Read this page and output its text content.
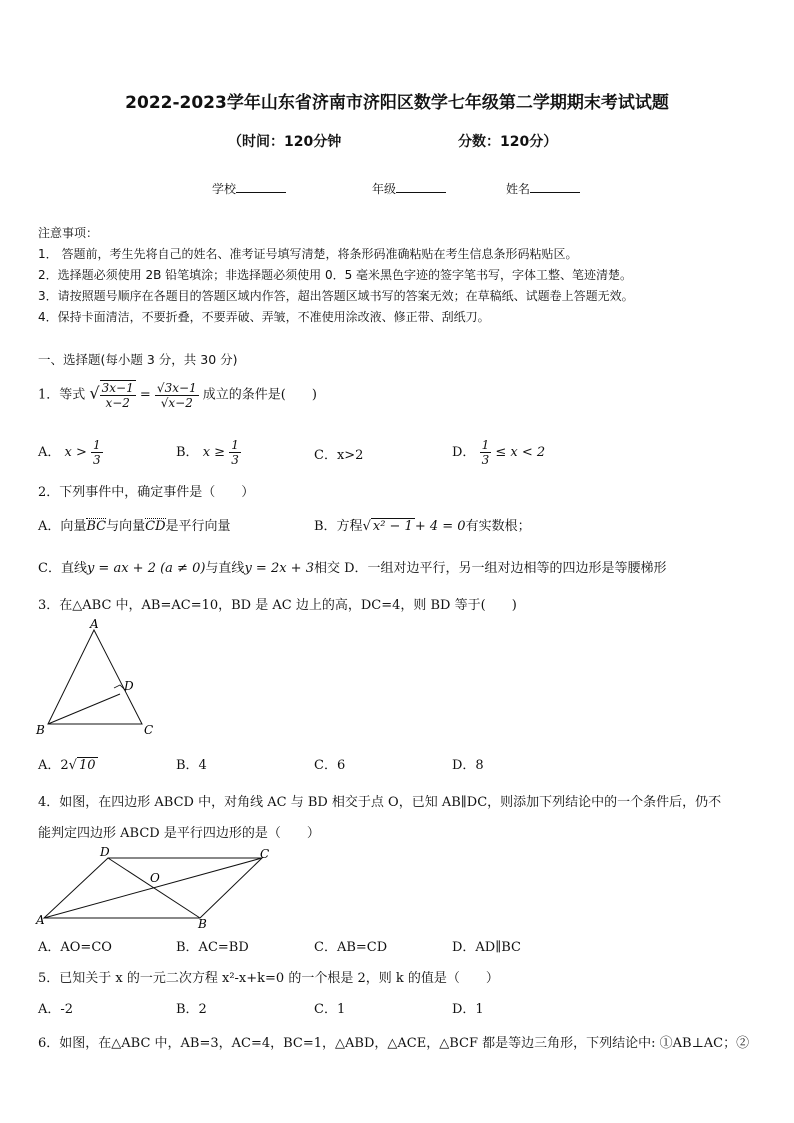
2022-2023学年山东省济南市济阳区数学七年级第二学期期末考试试题
（时间：120分钟	分数：120分）
学校	年级	姓名
注意事项：
1． 答题前，考生先将自己的姓名、准考证号填写清楚，将条形码准确粘贴在考生信息条形码粘贴区。
2．选择题必须使用 2B 铅笔填涂；非选择题必须使用 0．5 毫米黑色字迹的签字笔书写，字体工整、笔迹清楚。
3．请按照题号顺序在各题目的答题区域内作答，超出答题区域书写的答案无效；在草稿纸、试题卷上答题无效。
4．保持卡面清洁，不要折叠，不要弄破、弄皱，不准使用涂改液、修正带、刮纸刀。
一、选择题(每小题 3 分，共 30 分)
1．等式 √ $\frac{3x-1}{x-2} = \frac{√3x-1}{√x-2}$ 成立的条件是(　　)
A． $x > \frac{1}{3}$	B． $x \ge \frac{1}{3}$	C．x>2	D． $\frac{1}{3} \le x < 2$
2．下列事件中，确定事件是（　　）
A．向量BC与向量CD是平行向量	B．方程√ x² − 1 + 4 = 0有实数根；
C．直线y = ax + 2 (a ≠ 0)与直线y = 2x + 3相交 D．一组对边平行，另一组对边相等的四边形是等腰梯形
3．在△ABC 中，AB=AC=10，BD 是 AC 边上的高，DC=4，则 BD 等于(　　)
A
D
B	C
A．2√ 10	B．4	C．6	D．8
4．如图，在四边形 ABCD 中，对角线 AC 与 BD 相交于点 O，已知 AB∥DC，则添加下列结论中的一个条件后，仍不
能判定四边形 ABCD 是平行四边形的是（　　）
D	C
O
A	B
A．AO=CO	B．AC=BD	C．AB=CD	D．AD∥BC
5．已知关于 x 的一元二次方程 x²-x+k=0 的一个根是 2，则 k 的值是（　　）
A．-2	B．2	C．1	D．1
6．如图，在△ABC 中，AB=3，AC=4，BC=1，△ABD，△ACE，△BCF 都是等边三角形，下列结论中: ①AB⊥AC；②
